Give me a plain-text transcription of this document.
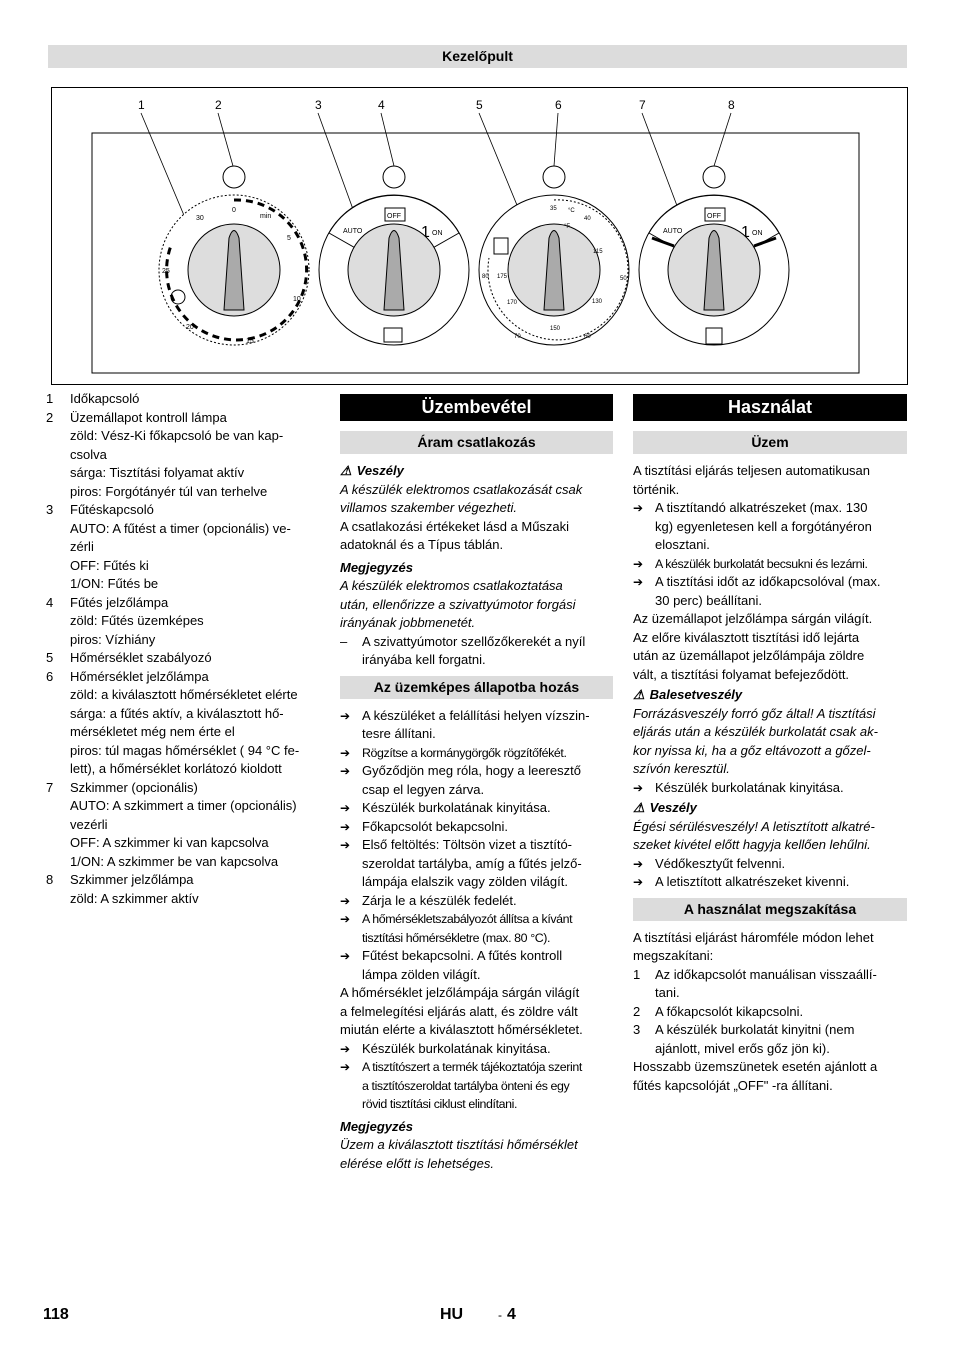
Kezelőpult
1	2	3	4	5	6	7	8
30
0
min
5
10
15
20
25
OFF
AUTO	1 ON
35 °C
40
°F
115
50
130
60
150
70
170
80 175
OFF
AUTO	1 ON
1	Időkapcsoló
2	Üzemállapot kontroll lámpa
zöld: Vész-Ki főkapcsoló be van kap-
csolva
sárga: Tisztítási folyamat aktív
piros: Forgótányér túl van terhelve
3	Fűtéskapcsoló
AUTO: A fűtést a timer (opcionális) ve-
zérli
OFF: Fűtés ki
1/ON: Fűtés be
4	Fűtés jelzőlámpa
zöld: Fűtés üzemképes
piros: Vízhiány
5	Hőmérséklet szabályozó
6	Hőmérséklet jelzőlámpa
zöld: a kiválasztott hőmérsékletet elérte
sárga: a fűtés aktív, a kiválasztott hő-
mérsékletet még nem érte el
piros: túl magas hőmérséklet ( 94 °C fe-
lett), a hőmérséklet korlátozó kioldott
7	Szkimmer (opcionális)
AUTO: A szkimmert a timer (opcionális)
vezérli
OFF: A szkimmer ki van kapcsolva
1/ON: A szkimmer be van kapcsolva
8	Szkimmer jelzőlámpa
zöld: A szkimmer aktív
Üzembevétel
Áram csatlakozás
⚠ Veszély
A készülék elektromos csatlakozását csak
villamos szakember végezheti.
A csatlakozási értékeket lásd a Műszaki
adatoknál és a Típus táblán.
Megjegyzés
A készülék elektromos csatlakoztatása
után, ellenőrizze a szivattyúmotor forgási
irányának jobbmenetét.
–	A szivattyúmotor szellőzőkerekét a nyíl
irányába kell forgatni.
Az üzemképes állapotba hozás
➔ A készüléket a felállítási helyen vízszin-
tesre állítani.
➔ Rögzítse a kormánygörgők rögzítőfékét.
➔ Győződjön meg róla, hogy a leeresztő
csap el legyen zárva.
➔ Készülék burkolatának kinyitása.
➔ Főkapcsolót bekapcsolni.
➔ Első feltöltés: Töltsön vizet a tisztító-
szeroldat tartályba, amíg a fűtés jelző-
lámpája elalszik vagy zölden világít.
➔ Zárja le a készülék fedelét.
➔ A hőmérsékletszabályozót állítsa a kívánt
tisztítási hőmérsékletre (max. 80 °C).
➔ Fűtést bekapcsolni. A fűtés kontroll
lámpa zölden világít.
A hőmérséklet jelzőlámpája sárgán világít
a felmelegítési eljárás alatt, és zöldre vált
miután elérte a kiválasztott hőmérsékletet.
➔ Készülék burkolatának kinyitása.
➔ A tisztítószert a termék tájékoztatója szerint
a tisztítószeroldat tartályba önteni és egy
rövid tisztítási ciklust elindítani.
Megjegyzés
Üzem a kiválasztott tisztítási hőmérséklet
elérése előtt is lehetséges.
Használat
Üzem
A tisztítási eljárás teljesen automatikusan
történik.
➔ A tisztítandó alkatrészeket (max. 130
kg) egyenletesen kell a forgótányéron
elosztani.
➔ A készülék burkolatát becsukni és lezárni.
➔ A tisztítási időt az időkapcsolóval (max.
30 perc) beállítani.
Az üzemállapot jelzőlámpa sárgán világít.
Az előre kiválasztott tisztítási idő lejárta
után az üzemállapot jelzőlámpája zöldre
vált, a tisztítási folyamat befejeződött.
⚠ Balesetveszély
Forrázásveszély forró gőz által! A tisztítási
eljárás után a készülék burkolatát csak ak-
kor nyissa ki, ha a gőz eltávozott a gőzel-
szívón keresztül.
➔ Készülék burkolatának kinyitása.
⚠ Veszély
Égési sérülésveszély! A letisztított alkatré-
szeket kivétel előtt hagyja kellően lehűlni.
➔ Védőkesztyűt felvenni.
➔ A letisztított alkatrészeket kivenni.
A használat megszakítása
A tisztítási eljárást háromféle módon lehet
megszakítani:
1	Az időkapcsolót manuálisan visszaállí-
tani.
2	A főkapcsolót kikapcsolni.
3	A készülék burkolatát kinyitni (nem
ajánlott, mivel erős gőz jön ki).
Hosszabb üzemszünetek esetén ajánlott a
fűtés kapcsolóját „OFF" -ra állítani.
118	HU	- 4
